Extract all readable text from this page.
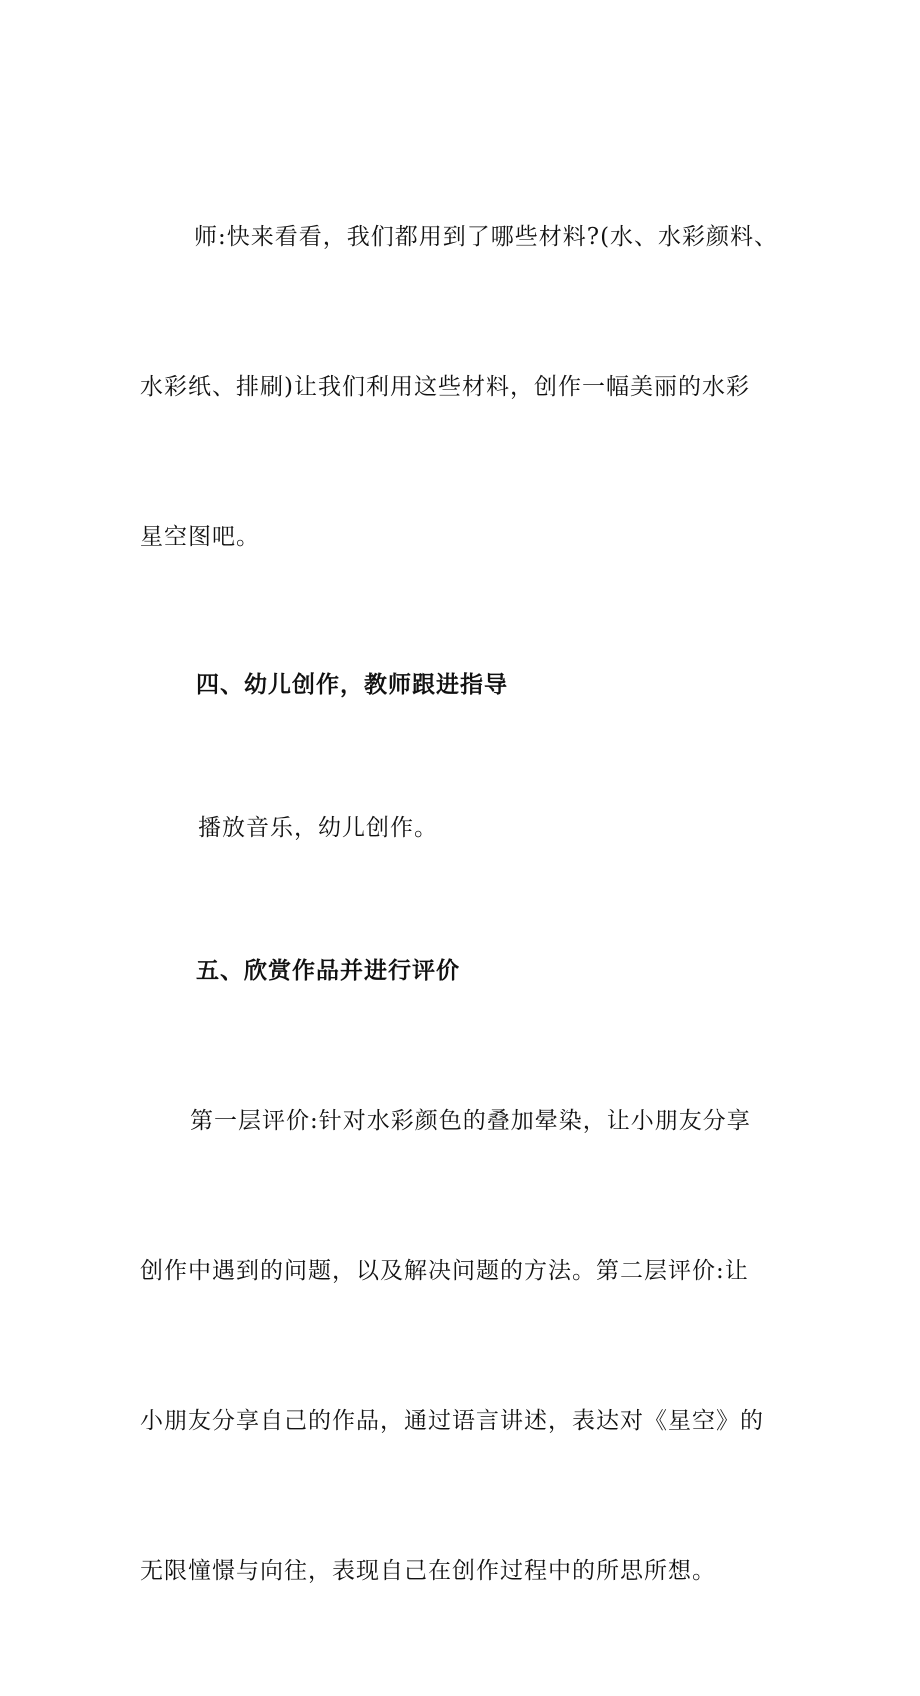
师:快来看看，我们都用到了哪些材料?(水、水彩颜料、

水彩纸、排刷)让我们利用这些材料，创作一幅美丽的水彩

星空图吧。

四、幼儿创作，教师跟进指导

播放音乐，幼儿创作。

五、欣赏作品并进行评价

第一层评价:针对水彩颜色的叠加晕染，让小朋友分享

创作中遇到的问题，以及解决问题的方法。第二层评价:让

小朋友分享自己的作品，通过语言讲述，表达对《星空》的

无限憧憬与向往，表现自己在创作过程中的所思所想。
